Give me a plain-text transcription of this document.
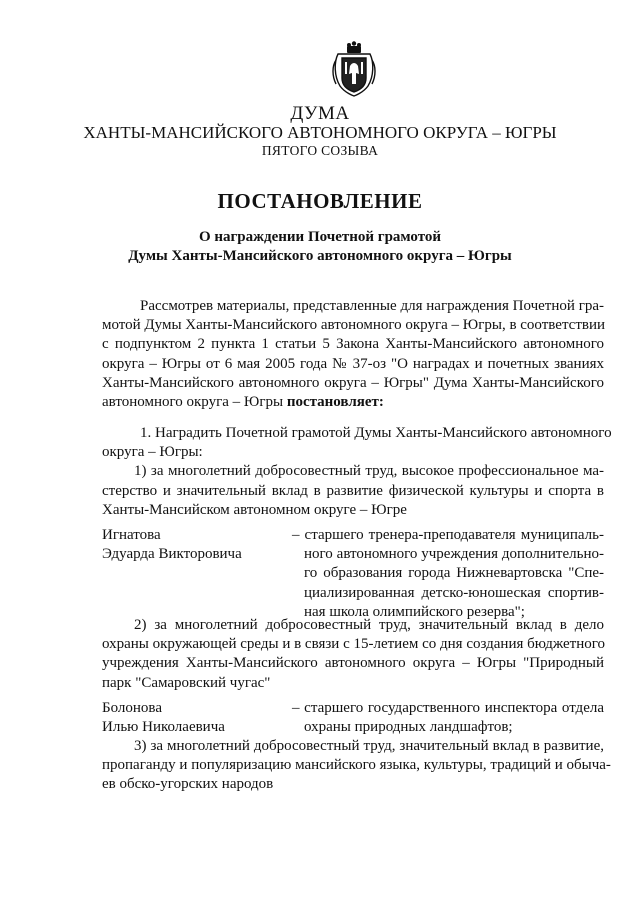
ДУМА
ХАНТЫ-МАНСИЙСКОГО АВТОНОМНОГО ОКРУГА – ЮГРЫ
ПЯТОГО СОЗЫВА
ПОСТАНОВЛЕНИЕ
О награждении Почетной грамотой
Думы Ханты-Мансийского автономного округа – Югры
Рассмотрев материалы, представленные для награждения Почетной гра-
мотой Думы Ханты-Мансийского автономного округа – Югры, в соответствии
с подпунктом 2 пункта 1 статьи 5 Закона Ханты-Мансийского автономного
округа – Югры от 6 мая 2005 года № 37-оз "О наградах и почетных званиях
Ханты-Мансийского автономного округа – Югры" Дума Ханты-Мансийского
автономного округа – Югры постановляет:
1. Наградить Почетной грамотой Думы Ханты-Мансийского автономного
округа – Югры:
1) за многолетний добросовестный труд, высокое профессиональное ма-
стерство и значительный вклад в развитие физической культуры и спорта в
Ханты-Мансийском автономном округе – Югре
Игнатова
Эдуарда Викторовича
– старшего тренера-преподавателя муниципаль-
ного автономного учреждения дополнительно-
го образования города Нижневартовска "Спе-
циализированная детско-юношеская спортив-
ная школа олимпийского резерва";
2) за многолетний добросовестный труд, значительный вклад в дело
охраны окружающей среды и в связи с 15-летием со дня создания бюджетного
учреждения Ханты-Мансийского автономного округа – Югры "Природный
парк "Самаровский чугас"
Болонова
Илью Николаевича
– старшего государственного инспектора отдела
охраны природных ландшафтов;
3) за многолетний добросовестный труд, значительный вклад в развитие,
пропаганду и популяризацию мансийского языка, культуры, традиций и обыча-
ев обско-угорских народов
